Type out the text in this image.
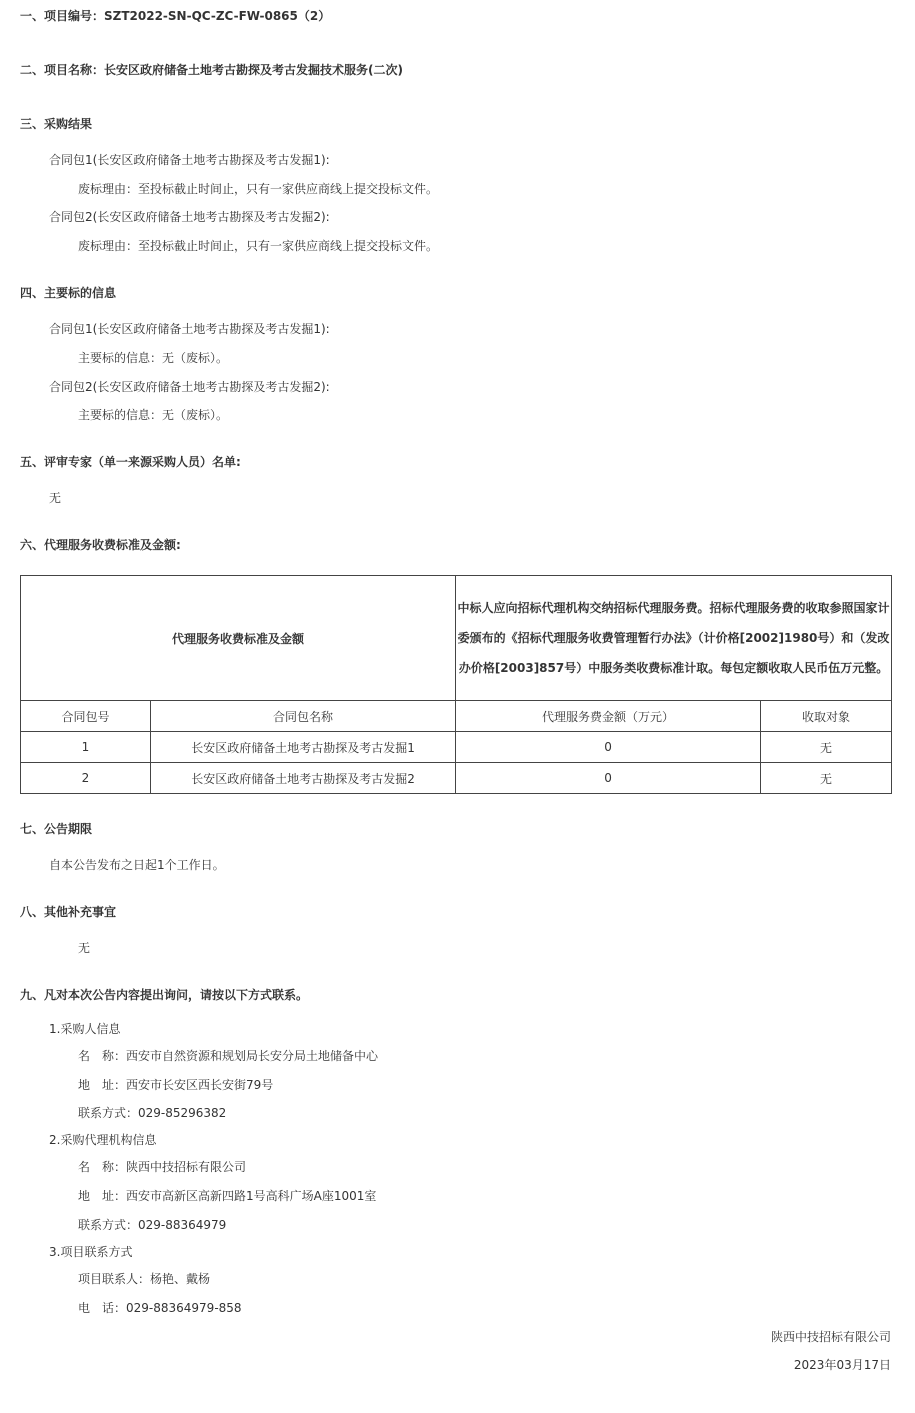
一、项目编号：SZT2022-SN-QC-ZC-FW-0865（2）
二、项目名称：长安区政府储备土地考古勘探及考古发掘技术服务(二次)
三、采购结果
合同包1(长安区政府储备土地考古勘探及考古发掘1):
废标理由：至投标截止时间止，只有一家供应商线上提交投标文件。
合同包2(长安区政府储备土地考古勘探及考古发掘2):
废标理由：至投标截止时间止，只有一家供应商线上提交投标文件。
四、主要标的信息
合同包1(长安区政府储备土地考古勘探及考古发掘1):
主要标的信息：无（废标）。
合同包2(长安区政府储备土地考古勘探及考古发掘2):
主要标的信息：无（废标）。
五、评审专家（单一来源采购人员）名单:
无
六、代理服务收费标准及金额:
代理服务收费标准及金额		中标人应向招标代理机构交纳招标代理服务费。招标代理服务费的收取参照国家计委颁布的《招标代理服务收费管理暂行办法》（计价格[2002]1980号）和（发改办价格[2003]857号）中服务类收费标准计取。每包定额收取人民币伍万元整。	
合同包号	合同包名称	代理服务费金额（万元）	收取对象
1	长安区政府储备土地考古勘探及考古发掘1	0	无
2	长安区政府储备土地考古勘探及考古发掘2	0	无
七、公告期限
自本公告发布之日起1个工作日。
八、其他补充事宜
无
九、凡对本次公告内容提出询问，请按以下方式联系。
1.采购人信息
名　称：西安市自然资源和规划局长安分局土地储备中心
地　址：西安市长安区西长安街79号
联系方式：029-85296382
2.采购代理机构信息
名　称：陕西中技招标有限公司
地　址：西安市高新区高新四路1号高科广场A座1001室
联系方式：029-88364979
3.项目联系方式
项目联系人：杨艳、戴杨
电　话：029-88364979-858
陕西中技招标有限公司
2023年03月17日
